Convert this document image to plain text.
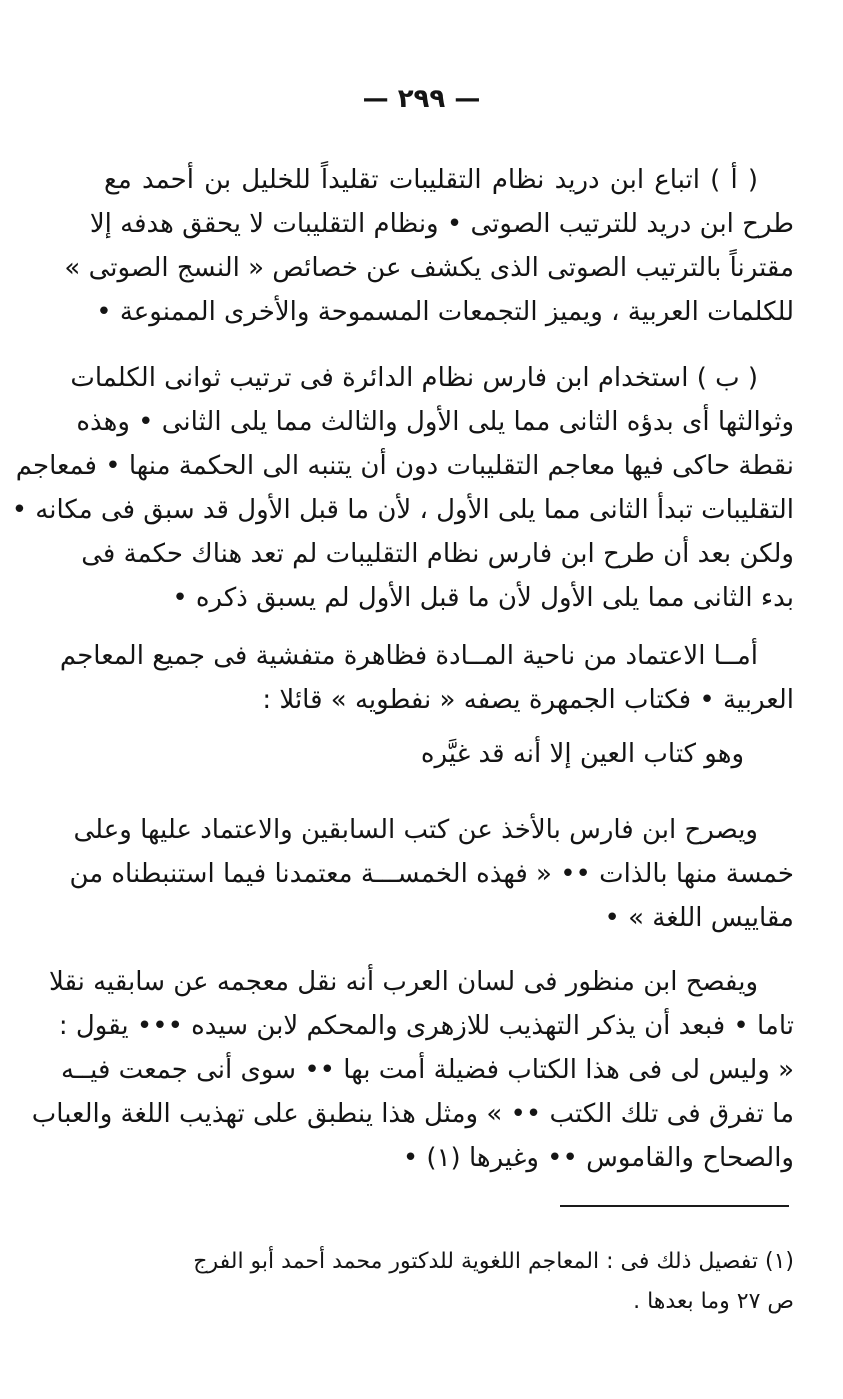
— ٢٩٩ —
( أ ) اتباع ابن دريد نظام التقليبات تقليداً للخليل بن أحمد مع
طرح ابن دريد للترتيب الصوتى • ونظام التقليبات لا يحقق هدفه إلا
مقترناً بالترتيب الصوتى الذى يكشف عن خصائص « النسج الصوتى »
للكلمات العربية ، ويميز التجمعات المسموحة والأخرى الممنوعة •
( ب ) استخدام ابن فارس نظام الدائرة فى ترتيب ثوانى الكلمات
وثوالثها أى بدؤه الثانى مما يلى الأول والثالث مما يلى الثانى • وهذه
نقطة حاكى فيها معاجم التقليبات دون أن يتنبه الى الحكمة منها • فمعاجم
التقليبات تبدأ الثانى مما يلى الأول ، لأن ما قبل الأول قد سبق فى مكانه •
ولكن بعد أن طرح ابن فارس نظام التقليبات لم تعد هناك حكمة فى
بدء الثانى مما يلى الأول لأن ما قبل الأول لم يسبق ذكره •
أمــا الاعتماد من ناحية المــادة فظاهرة متفشية فى جميع المعاجم
العربية • فكتاب الجمهرة يصفه « نفطويه » قائلا :
وهو كتاب العين إلا أنه قد غيَّره
ويصرح ابن فارس بالأخذ عن كتب السابقين والاعتماد عليها وعلى
خمسة منها بالذات •• « فهذه الخمســـة معتمدنا فيما استنبطناه من
مقاييس اللغة » •
ويفصح ابن منظور فى لسان العرب أنه نقل معجمه عن سابقيه نقلا
تاما • فبعد أن يذكر التهذيب للازهرى والمحكم لابن سيده ••• يقول :
« وليس لى فى هذا الكتاب فضيلة أمت بها •• سوى أنى جمعت فيــه
ما تفرق فى تلك الكتب •• » ومثل هذا ينطبق على تهذيب اللغة والعباب
والصحاح والقاموس •• وغيرها (١) •
(١) تفصيل ذلك فى : المعاجم اللغوية للدكتور محمد أحمد أبو الفرج
ص ٢٧ وما بعدها .
